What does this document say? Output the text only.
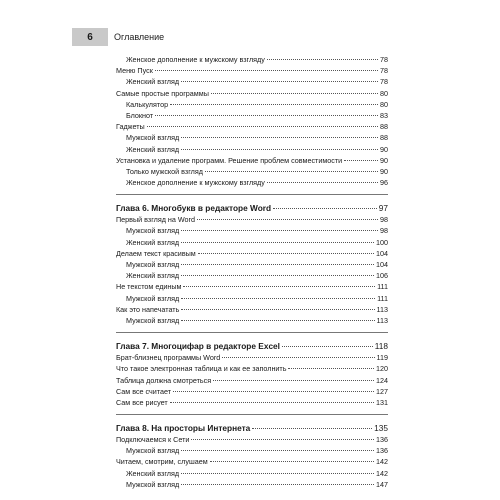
6	Оглавление
Женское дополнение к мужскому взгляду	78
Меню Пуск	78
Женский взгляд	78
Самые простые программы	80
Калькулятор	80
Блокнот	83
Гаджеты	88
Мужской взгляд	88
Женский взгляд	90
Установка и удаление программ. Решение проблем совместимости	90
Только мужской взгляд	90
Женское дополнение к мужскому взгляду	96
Глава 6. Многобукв в редакторе Word	97
Первый взгляд на Word	98
Мужской взгляд	98
Женский взгляд	100
Делаем текст красивым	104
Мужской взгляд	104
Женский взгляд	106
Не текстом единым	111
Мужской взгляд	111
Как это напечатать	113
Мужской взгляд	113
Глава 7. Многоцифар в редакторе Excel	118
Брат-близнец программы Word	119
Что такое электронная таблица и как ее заполнить	120
Таблица должна смотреться	124
Сам все считает	127
Сам все рисует	131
Глава 8. На просторы Интернета	135
Подключаемся к Сети	136
Мужской взгляд	136
Читаем, смотрим, слушаем	142
Женский взгляд	142
Мужской взгляд	147
